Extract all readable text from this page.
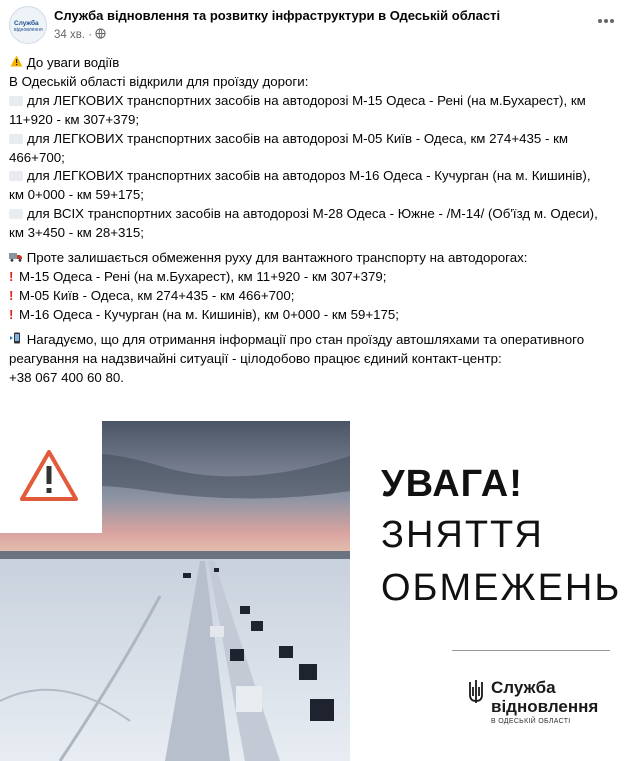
Служба
відновлення
Служба відновлення та розвитку інфраструктури в Одеській області
34 хв. ·

До уваги водіїв

В Одеській області відкрили для проїзду дороги:

для ЛЕГКОВИХ транспортних засобів на автодорозі М-15 Одеса - Рені (на м.Бухарест), км 11+920 - км 307+379;

для ЛЕГКОВИХ транспортних засобів на автодорозі М-05 Київ - Одеса, км 274+435 - км 466+700;

для ЛЕГКОВИХ транспортних засобів на автодороз М-16 Одеса - Кучурган (на м. Кишинів), км 0+000 - км 59+175;

для ВСІХ транспортних засобів на автодорозі М-28 Одеса - Южне - /М-14/ (Об'їзд м. Одеси), км 3+450 - км 28+315;

Проте залишається обмеження руху для вантажного транспорту на автодорогах:

! М-15 Одеса - Рені (на м.Бухарест), км 11+920 - км 307+379;

! М-05 Київ - Одеса, км 274+435 - км 466+700;

! М-16 Одеса - Кучурган (на м. Кишинів), км 0+000 - км 59+175;

Нагадуємо, що для отримання інформації про стан проїзду автошляхами та оперативного реагування на надзвичайні ситуації - цілодобово працює єдиний контакт-центр:

+38 067 400 60 80.

УВАГА!
ЗНЯТТЯ
ОБМЕЖЕНЬ
Служба
відновлення
В ОДЕСЬКІЙ ОБЛАСТІ
